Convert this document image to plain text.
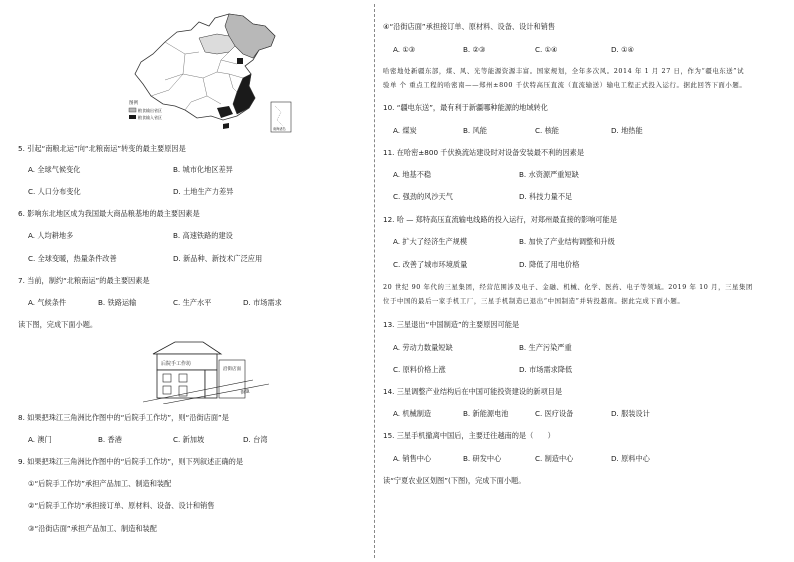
图例
粮食输出省区
粮食输入省区
南海诸岛
5. 引起“南粮北运”向“北粮南运”转变的最主要原因是
A. 全球气候变化	B. 城市化地区差异
C. 人口分布变化	D. 土地生产力差异
6. 影响东北地区成为我国最大商品粮基地的最主要因素是
A. 人均耕地多	B. 高速铁路的建设
C. 全球变暖，热量条件改善	D. 新品种、新技术广泛应用
7. 当前，制约“北粮南运”的最主要因素是
A. 气候条件	B. 铁路运输	C. 生产水平	D. 市场需求
读下图，完成下面小题。
后院手工作坊
沿街店面
街道
8. 如果把珠江三角洲比作图中的“后院手工作坊”，则“沿街店面”是
A. 澳门	B. 香港	C. 新加坡	D. 台湾
9. 如果把珠江三角洲比作图中的“后院手工作坊”，则下列叙述正确的是
①“后院手工作坊”承担产品加工、制造和装配
②“后院手工作坊”承担接订单、原材料、设备、设计和销售
③“沿街店面”承担产品加工、制造和装配
④“沿街店面”承担接订单、原材料、设备、设计和销售
A. ①③	B. ②③	C. ①④	D. ①④
哈密地处新疆东部，煤、风、光等能源资源丰富。国家规划，全年多次风。2014 年 1 月 27 日，作为“疆电东送”试
验单 个 重点工程的哈密南——郑州±800 千伏特高压直流（直流输送）输电工程正式投入运行。据此回答下面小题。
10. “疆电东送”，最有利于新疆哪种能源的地域转化
A. 煤炭	B. 风能	C. 核能	D. 地热能
11. 在哈密±800 千伏换流站建设时对设备安装最不利的因素是
A. 地基不稳	B. 水资源严重短缺
C. 强劲的风沙天气	D. 科技力量不足
12. 哈 — 郑特高压直流输电线路的投入运行，对郑州最直接的影响可能是
A. 扩大了经济生产规模	B. 加快了产业结构调整和升级
C. 改善了城市环境质量	D. 降低了用电价格
20 世纪 90 年代的三星集团，经营范围涉及电子、金融、机械、化学、医药、电子等领域。2019 年 10 月，三星集团
位于中国的最后一家手机工厂，三星手机制造已退出“中国制造”并转投越南。据此完成下面小题。
13. 三星退出“中国制造”的主要原因可能是
A. 劳动力数量短缺	B. 生产污染严重
C. 原料价格上涨	D. 市场需求降低
14. 三星调整产业结构后在中国可能投资建设的新项目是
A. 机械制造	B. 新能源电池	C. 医疗设备	D. 服装设计
15. 三星手机撤离中国后，主要迁往越南的是（　　）
A. 销售中心	B. 研发中心	C. 制造中心	D. 原料中心
读“宁夏农业区划图”(下图)，完成下面小题。
